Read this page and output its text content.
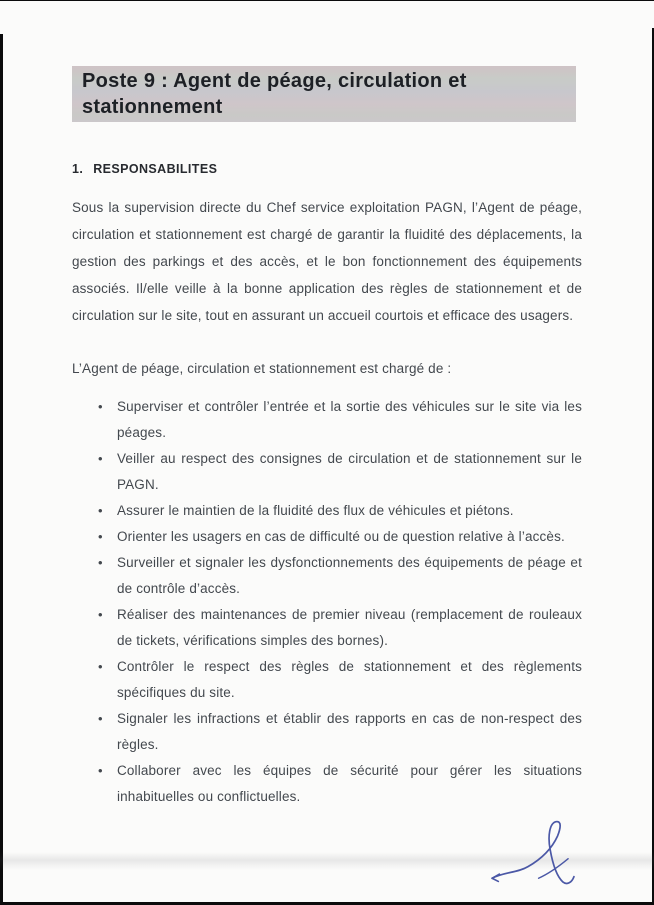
Poste 9 : Agent de péage, circulation et
stationnement
1. RESPONSABILITES

Sous la supervision directe du Chef service exploitation PAGN, l’Agent de péage, circulation et stationnement est chargé de garantir la fluidité des déplacements, la gestion des parkings et des accès, et le bon fonctionnement des équipements associés. Il/elle veille à la bonne application des règles de stationnement et de circulation sur le site, tout en assurant un accueil courtois et efficace des usagers.

L’Agent de péage, circulation et stationnement est chargé de :

• Superviser et contrôler l’entrée et la sortie des véhicules sur le site via les péages.
• Veiller au respect des consignes de circulation et de stationnement sur le PAGN.
• Assurer le maintien de la fluidité des flux de véhicules et piétons.
• Orienter les usagers en cas de difficulté ou de question relative à l’accès.
• Surveiller et signaler les dysfonctionnements des équipements de péage et de contrôle d’accès.
• Réaliser des maintenances de premier niveau (remplacement de rouleaux de tickets, vérifications simples des bornes).
• Contrôler le respect des règles de stationnement et des règlements spécifiques du site.
• Signaler les infractions et établir des rapports en cas de non-respect des règles.
• Collaborer avec les équipes de sécurité pour gérer les situations inhabituelles ou conflictuelles.
